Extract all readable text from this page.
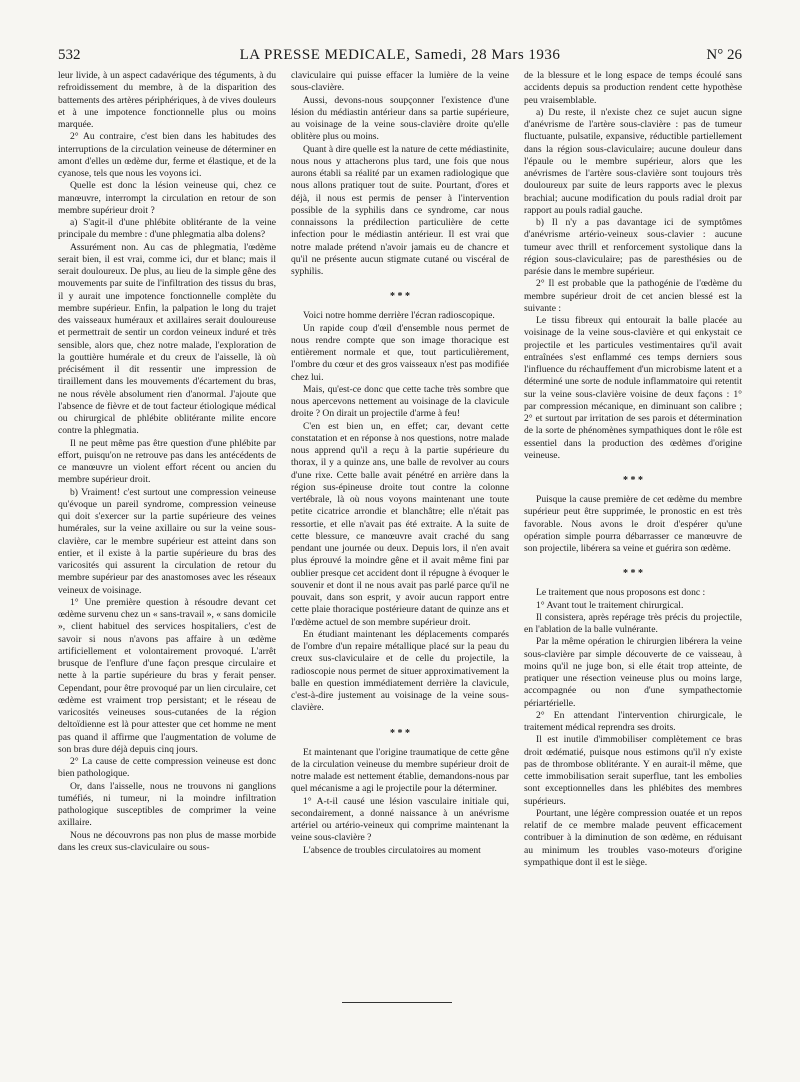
532	LA PRESSE MEDICALE, Samedi, 28 Mars 1936	N° 26

leur livide, à un aspect cadavérique des téguments, à du refroidissement du membre, à de la disparition des battements des artères périphériques, à de vives douleurs et à une impotence fonctionnelle plus ou moins marquée.

2° Au contraire, c'est bien dans les habitudes des interruptions de la circulation veineuse de déterminer en amont d'elles un œdème dur, ferme et élastique, et de la cyanose, tels que nous les voyons ici.

Quelle est donc la lésion veineuse qui, chez ce manœuvre, interrompt la circulation en retour de son membre supérieur droit ?

a) S'agit-il d'une phlébite oblitérante de la veine principale du membre : d'une phlegmatia alba dolens?

Assurément non. Au cas de phlegmatia, l'œdème serait bien, il est vrai, comme ici, dur et blanc; mais il serait douloureux. De plus, au lieu de la simple gêne des mouvements par suite de l'infiltration des tissus du bras, il y aurait une impotence fonctionnelle complète du membre supérieur. Enfin, la palpation le long du trajet des vaisseaux huméraux et axillaires serait douloureuse et permettrait de sentir un cordon veineux induré et très sensible, alors que, chez notre malade, l'exploration de la gouttière humérale et du creux de l'aisselle, là où précisément il dit ressentir une impression de tiraillement dans les mouvements d'écartement du bras, ne nous révèle absolument rien d'anormal. J'ajoute que l'absence de fièvre et de tout facteur étiologique médical ou chirurgical de phlébite oblitérante milite encore contre la phlegmatia.

Il ne peut même pas être question d'une phlébite par effort, puisqu'on ne retrouve pas dans les antécédents de ce manœuvre un violent effort récent ou ancien du membre supérieur droit.

b) Vraiment! c'est surtout une compression veineuse qu'évoque un pareil syndrome, compression veineuse qui doit s'exercer sur la partie supérieure des veines humérales, sur la veine axillaire ou sur la veine sous-clavière, car le membre supérieur est atteint dans son entier, et il existe à la partie supérieure du bras des varicosités qui assurent la circulation de retour du membre supérieur par des anastomoses avec les réseaux veineux de voisinage.

1° Une première question à résoudre devant cet œdème survenu chez un « sans-travail », « sans domicile », client habituel des services hospitaliers, c'est de savoir si nous n'avons pas affaire à un œdème artificiellement et volontairement provoqué. L'arrêt brusque de l'enflure d'une façon presque circulaire et nette à la partie supérieure du bras y ferait penser. Cependant, pour être provoqué par un lien circulaire, cet œdème est vraiment trop persistant; et le réseau de varicosités veineuses sous-cutanées de la région deltoïdienne est là pour attester que cet homme ne ment pas quand il affirme que l'augmentation de volume de son bras dure déjà depuis cinq jours.

2° La cause de cette compression veineuse est donc bien pathologique.

Or, dans l'aisselle, nous ne trouvons ni ganglions tuméfiés, ni tumeur, ni la moindre infiltration pathologique susceptibles de comprimer la veine axillaire.

Nous ne découvrons pas non plus de masse morbide dans les creux sus-claviculaire ou sous-

claviculaire qui puisse effacer la lumière de la veine sous-clavière.

Aussi, devons-nous soupçonner l'existence d'une lésion du médiastin antérieur dans sa partie supérieure, au voisinage de la veine sous-clavière droite qu'elle oblitère plus ou moins.

Quant à dire quelle est la nature de cette médiastinite, nous nous y attacherons plus tard, une fois que nous aurons établi sa réalité par un examen radiologique que nous allons pratiquer tout de suite. Pourtant, d'ores et déjà, il nous est permis de penser à l'intervention possible de la syphilis dans ce syndrome, car nous connaissons la prédilection particulière de cette infection pour le médiastin antérieur. Il est vrai que notre malade prétend n'avoir jamais eu de chancre et qu'il ne présente aucun stigmate cutané ou viscéral de syphilis.

* * *

Voici notre homme derrière l'écran radioscopique.

Un rapide coup d'œil d'ensemble nous permet de nous rendre compte que son image thoracique est entièrement normale et que, tout particulièrement, l'ombre du cœur et des gros vaisseaux n'est pas modifiée chez lui.

Mais, qu'est-ce donc que cette tache très sombre que nous apercevons nettement au voisinage de la clavicule droite ? On dirait un projectile d'arme à feu!

C'en est bien un, en effet; car, devant cette constatation et en réponse à nos questions, notre malade nous apprend qu'il a reçu à la partie supérieure du thorax, il y a quinze ans, une balle de revolver au cours d'une rixe. Cette balle avait pénétré en arrière dans la région sus-épineuse droite tout contre la colonne vertébrale, là où nous voyons maintenant une toute petite cicatrice arrondie et blanchâtre; elle n'était pas ressortie, et elle n'avait pas été extraite. A la suite de cette blessure, ce manœuvre avait craché du sang pendant une journée ou deux. Depuis lors, il n'en avait plus éprouvé la moindre gêne et il avait même fini par oublier presque cet accident dont il répugne à évoquer le souvenir et dont il ne nous avait pas parlé parce qu'il ne pouvait, dans son esprit, y avoir aucun rapport entre cette plaie thoracique postérieure datant de quinze ans et l'œdème actuel de son membre supérieur droit.

En étudiant maintenant les déplacements comparés de l'ombre d'un repaire métallique placé sur la peau du creux sus-claviculaire et de celle du projectile, la radioscopie nous permet de situer approximativement la balle en question immédiatement derrière la clavicule, c'est-à-dire justement au voisinage de la veine sous-clavière.

* * *

Et maintenant que l'origine traumatique de cette gêne de la circulation veineuse du membre supérieur droit de notre malade est nettement établie, demandons-nous par quel mécanisme a agi le projectile pour la déterminer.

1° A-t-il causé une lésion vasculaire initiale qui, secondairement, a donné naissance à un anévrisme artériel ou artério-veineux qui comprime maintenant la veine sous-clavière ?

L'absence de troubles circulatoires au moment

de la blessure et le long espace de temps écoulé sans accidents depuis sa production rendent cette hypothèse peu vraisemblable.

a) Du reste, il n'existe chez ce sujet aucun signe d'anévrisme de l'artère sous-clavière : pas de tumeur fluctuante, pulsatile, expansive, réductible partiellement dans la région sous-claviculaire; aucune douleur dans l'épaule ou le membre supérieur, alors que les anévrismes de l'artère sous-clavière sont toujours très douloureux par suite de leurs rapports avec le plexus brachial; aucune modification du pouls radial droit par rapport au pouls radial gauche.

b) Il n'y a pas davantage ici de symptômes d'anévrisme artério-veineux sous-clavier : aucune tumeur avec thrill et renforcement systolique dans la région sous-claviculaire; pas de paresthésies ou de parésie dans le membre supérieur.

2° Il est probable que la pathogénie de l'œdème du membre supérieur droit de cet ancien blessé est la suivante :

Le tissu fibreux qui entourait la balle placée au voisinage de la veine sous-clavière et qui enkystait ce projectile et les particules vestimentaires qu'il avait entraînées s'est enflammé ces temps derniers sous l'influence du réchauffement d'un microbisme latent et a déterminé une sorte de nodule inflammatoire qui retentit sur la veine sous-clavière voisine de deux façons : 1° par compression mécanique, en diminuant son calibre ; 2° et surtout par irritation de ses parois et détermination de la sorte de phénomènes sympathiques dont le rôle est essentiel dans la production des œdèmes d'origine veineuse.

* * *

Puisque la cause première de cet œdème du membre supérieur peut être supprimée, le pronostic en est très favorable. Nous avons le droit d'espérer qu'une opération simple pourra débarrasser ce manœuvre de son projectile, libérera sa veine et guérira son œdème.

* * *

Le traitement que nous proposons est donc :

1° Avant tout le traitement chirurgical.

Il consistera, après repérage très précis du projectile, en l'ablation de la balle vulnérante.

Par la même opération le chirurgien libérera la veine sous-clavière par simple découverte de ce vaisseau, à moins qu'il ne juge bon, si elle était trop atteinte, de pratiquer une résection veineuse plus ou moins large, accompagnée ou non d'une sympathectomie périartérielle.

2° En attendant l'intervention chirurgicale, le traitement médical reprendra ses droits.

Il est inutile d'immobiliser complètement ce bras droit œdématié, puisque nous estimons qu'il n'y existe pas de thrombose oblitérante. Y en aurait-il même, que cette immobilisation serait superflue, tant les embolies sont exceptionnelles dans les phlébites des membres supérieurs.

Pourtant, une légère compression ouatée et un repos relatif de ce membre malade peuvent efficacement contribuer à la diminution de son œdème, en réduisant au minimum les troubles vaso-moteurs d'origine sympathique dont il est le siège.
